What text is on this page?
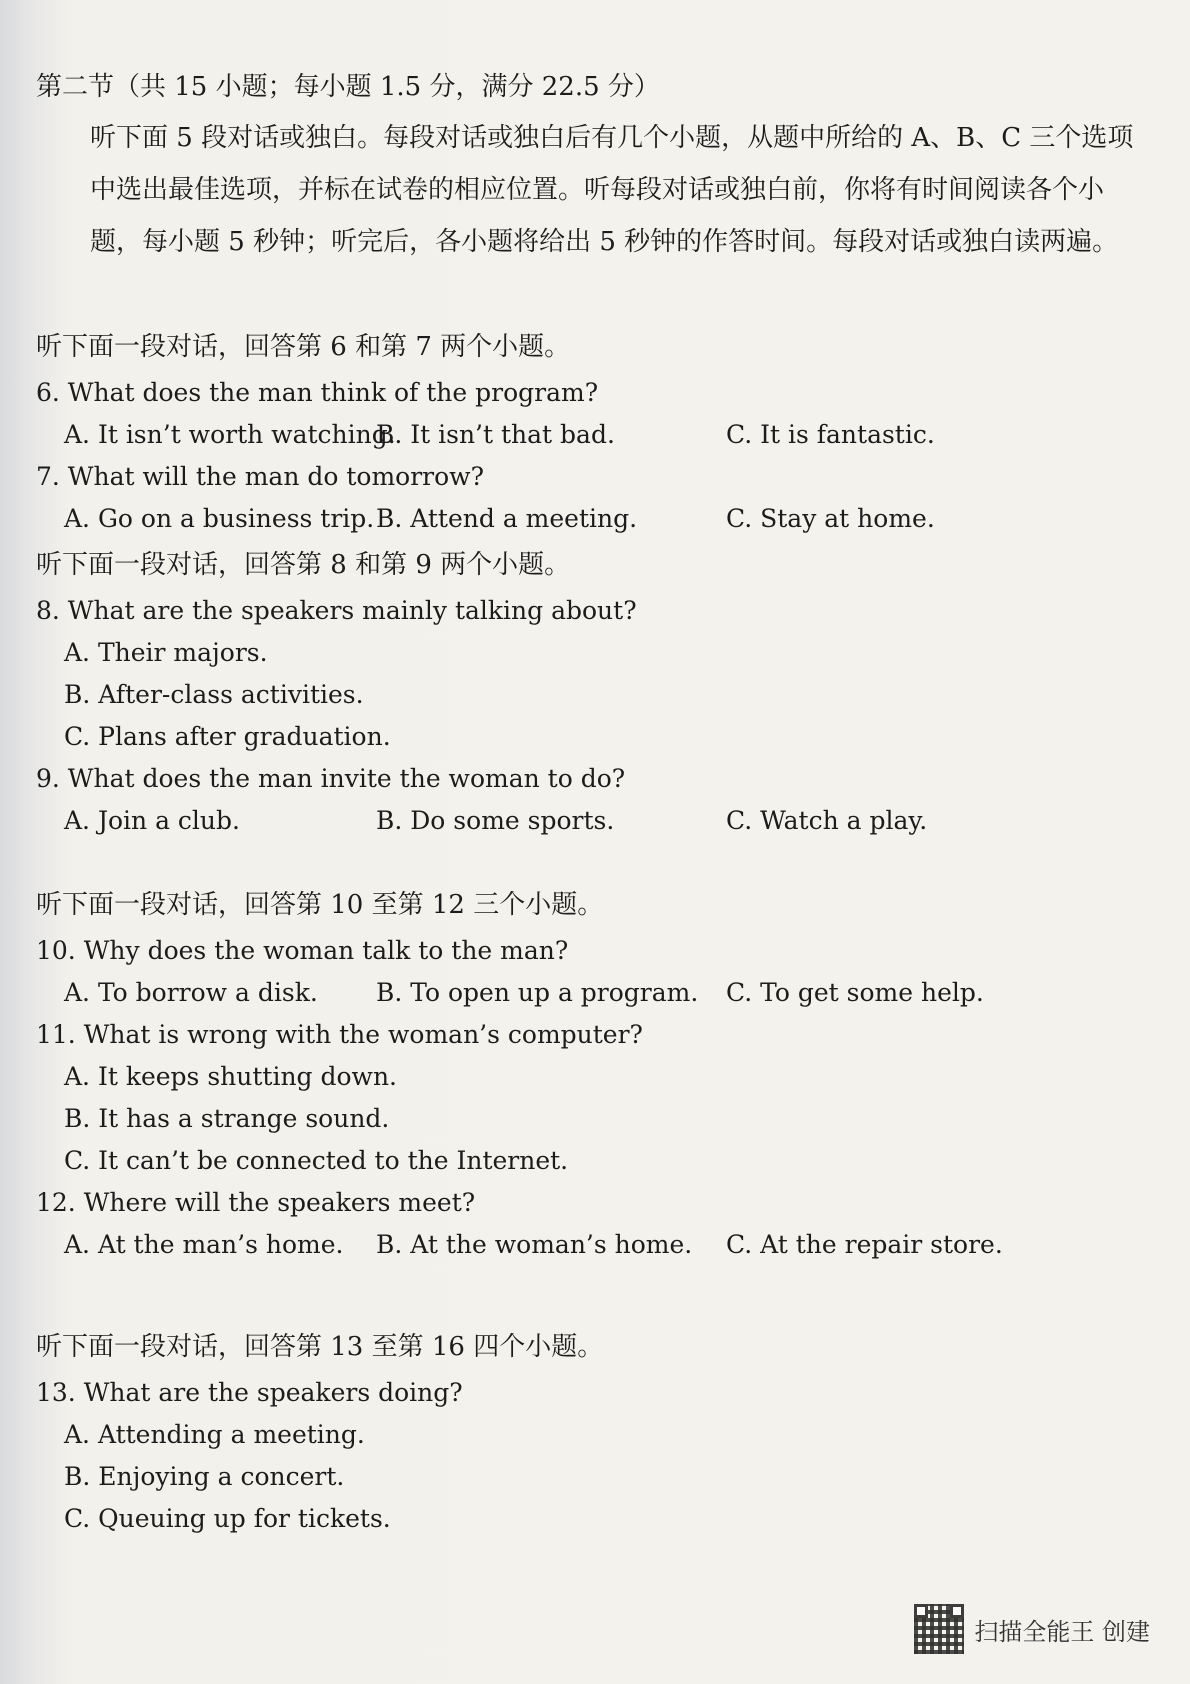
第二节（共 15 小题；每小题 1.5 分，满分 22.5 分）
听下面 5 段对话或独白。每段对话或独白后有几个小题，从题中所给的 A、B、C 三个选项中选出最佳选项，并标在试卷的相应位置。听每段对话或独白前，你将有时间阅读各个小题，每小题 5 秒钟；听完后，各小题将给出 5 秒钟的作答时间。每段对话或独白读两遍。
听下面一段对话，回答第 6 和第 7 两个小题。
6. What does the man think of the program?
A. It isn’t worth watching.
B. It isn’t that bad.	C. It is fantastic.
7. What will the man do tomorrow?
A. Go on a business trip. B. Attend a meeting.	C. Stay at home.
听下面一段对话，回答第 8 和第 9 两个小题。
8. What are the speakers mainly talking about?
A. Their majors.
B. After-class activities.
C. Plans after graduation.
9. What does the man invite the woman to do?
A. Join a club.	B. Do some sports.	C. Watch a play.
听下面一段对话，回答第 10 至第 12 三个小题。
10. Why does the woman talk to the man?
A. To borrow a disk.	B. To open up a program.	C. To get some help.
11. What is wrong with the woman’s computer?
A. It keeps shutting down.
B. It has a strange sound.
C. It can’t be connected to the Internet.
12. Where will the speakers meet?
A. At the man’s home.	B. At the woman’s home.	C. At the repair store.
听下面一段对话，回答第 13 至第 16 四个小题。
13. What are the speakers doing?
A. Attending a meeting.
B. Enjoying a concert.
C. Queuing up for tickets.
扫描全能王 创建
